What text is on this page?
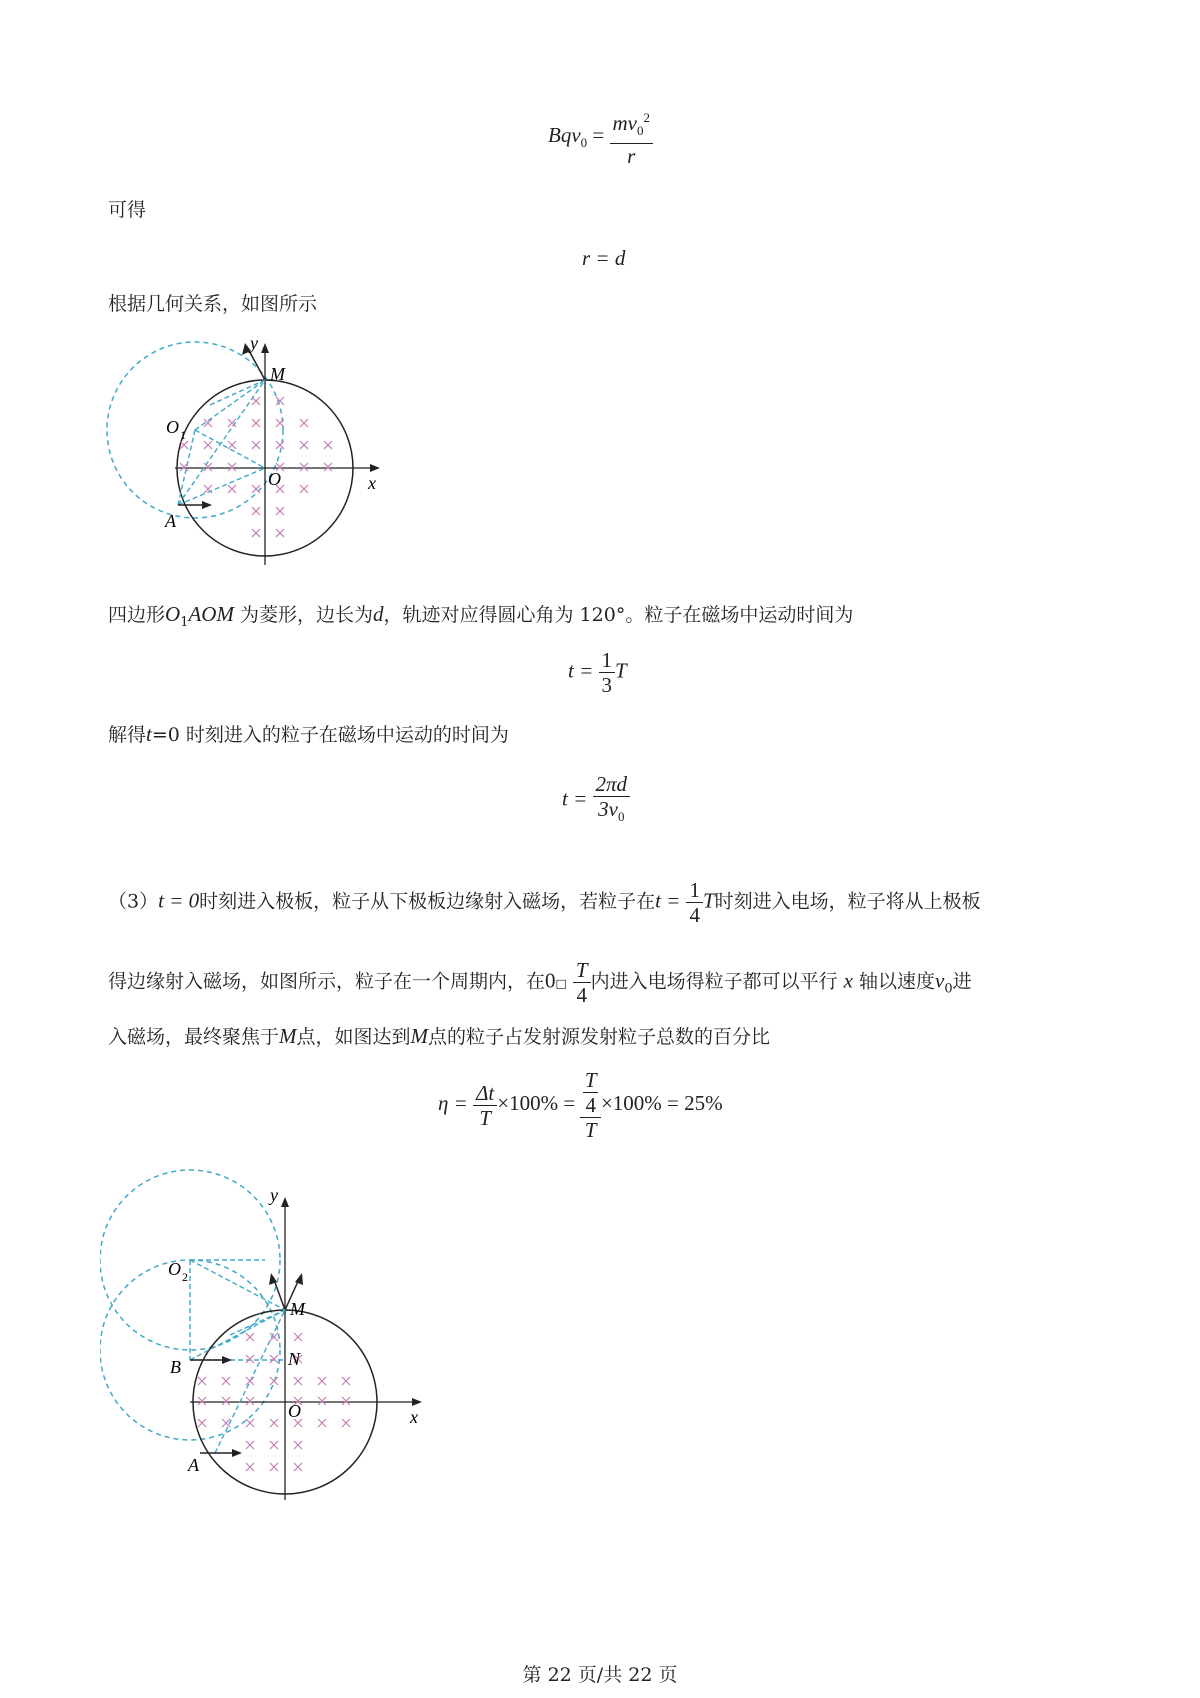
$Bqv_0 = \frac{mv_0^2}{r}$
可得
r = d
根据几何关系，如图所示
y
x
M
O 1
O
A
四边形$O_1AOM$ 为菱形，边长为d，轨迹对应得圆心角为 120°。粒子在磁场中运动时间为
$t = \frac{1}{3}$ T
解得t=0 时刻进入的粒子在磁场中运动的时间为
$t = \frac{2\pi d}{3v_0}$
（3）t = 0时刻进入极板，粒子从下极板边缘射入磁场，若粒子在$t = \frac{1}{4}$ T时刻进入电场，粒子将从上极板
得边缘射入磁场，如图所示，粒子在一个周期内，在0□ $\frac{T}{4}$ 内进入电场得粒子都可以平行 x 轴以速度$v_0$进
入磁场，最终聚焦于M点，如图达到M点的粒子占发射源发射粒子总数的百分比
$\eta = \frac{\Delta t}{T} \times 100\%$ =
T
4
T
×100% = 25%
y
x
M
O 2
O
N
B
A
第 22 页/共 22 页
